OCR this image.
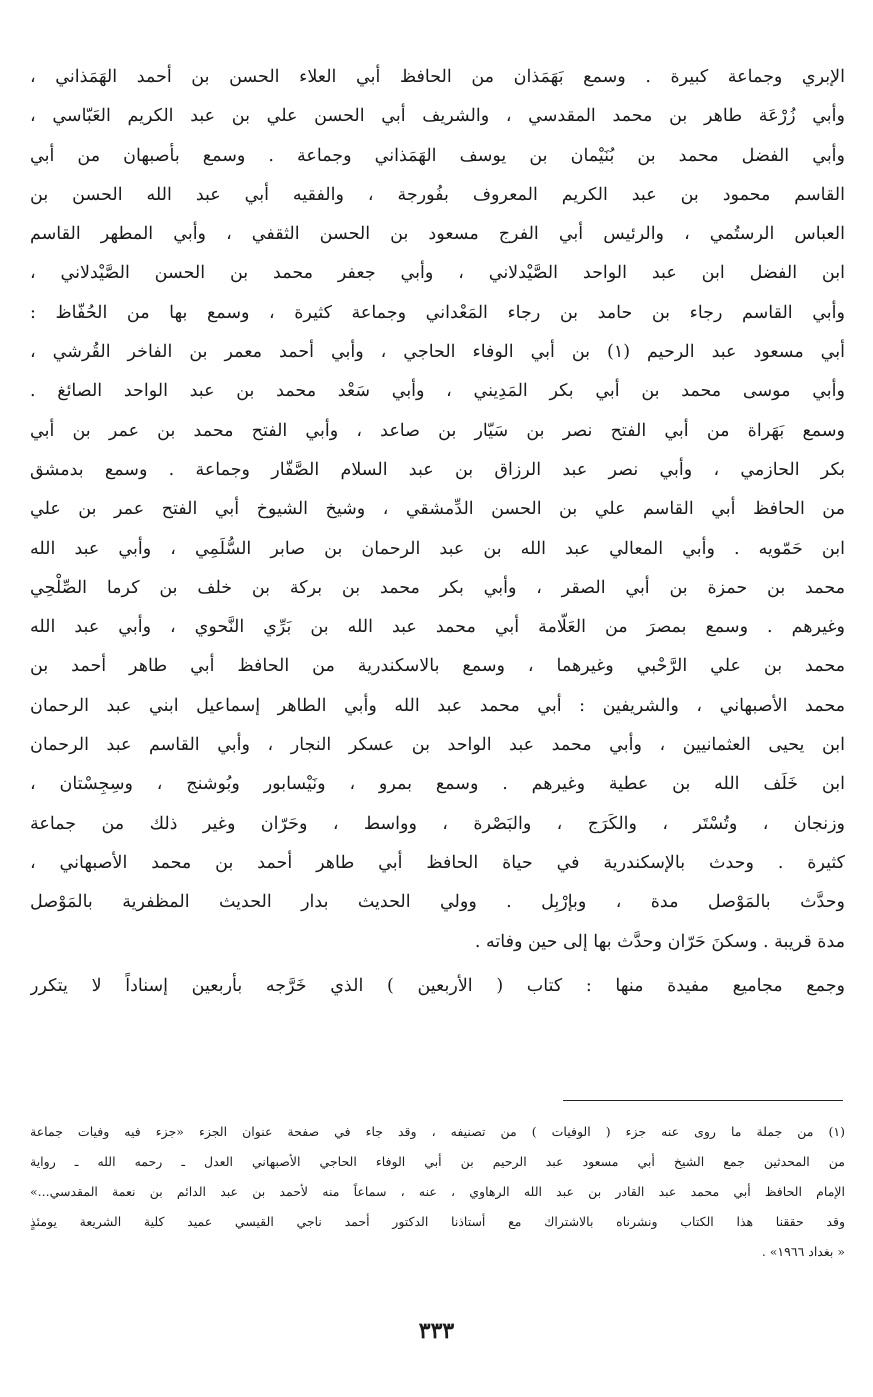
الإبري وجماعة كبيرة . وسمع بَهَمَذان من الحافظ أبي العلاء الحسن بن أحمد الهَمَذاني ،
وأبي زُرْعَة طاهر بن محمد المقدسي ، والشريف أبي الحسن علي بن عبد الكريم العَبّاسي ،
وأبي الفضل محمد بن بُنَيْمان بن يوسف الهَمَذاني وجماعة . وسمع بأصبهان من أبي
القاسم محمود بن عبد الكريم المعروف بفُورجة ، والفقيه أبي عبد الله الحسن بن
العباس الرستُمي ، والرئيس أبي الفرج مسعود بن الحسن الثقفي ، وأبي المطهر القاسم
ابن الفضل ابن عبد الواحد الصَّيْدلاني ، وأبي جعفر محمد بن الحسن الصَّيْدلاني ،
وأبي القاسم رجاء بن حامد بن رجاء المَعْداني وجماعة كثيرة ، وسمع بها من الحُفّاظ :
أبي مسعود عبد الرحيم (١) بن أبي الوفاء الحاجي ، وأبي أحمد معمر بن الفاخر القُرشي ،
وأبي موسى محمد بن أبي بكر المَدِيني ، وأبي سَعْد محمد بن عبد الواحد الصائغ .
وسمع بَهَراة من أبي الفتح نصر بن سَيّار بن صاعد ، وأبي الفتح محمد بن عمر بن أبي
بكر الحازمي ، وأبي نصر عبد الرزاق بن عبد السلام الصَّفّار وجماعة . وسمع بدمشق
من الحافظ أبي القاسم علي بن الحسن الدِّمشقي ، وشيخ الشيوخ أبي الفتح عمر بن علي
ابن حَمّويه . وأبي المعالي عبد الله بن عبد الرحمان بن صابر السُّلَمِي ، وأبي عبد الله
محمد بن حمزة بن أبي الصقر ، وأبي بكر محمد بن بركة بن خلف بن كرما الصِّلْحِي
وغيرهم . وسمع بمصرَ من العَلّامة أبي محمد عبد الله بن بَرِّي النَّحوي ، وأبي عبد الله
محمد بن علي الرَّحْبي وغيرهما ، وسمع بالاسكندرية من الحافظ أبي طاهر أحمد بن
محمد الأصبهاني ، والشريفين : أبي محمد عبد الله وأبي الطاهر إسماعيل ابني عبد الرحمان
ابن يحيى العثمانيين ، وأبي محمد عبد الواحد بن عسكر النجار ، وأبي القاسم عبد الرحمان
ابن خَلَف الله بن عطية وغيرهم . وسمع بمرو ، ونَيْسابور وبُوشنج ، وسِجِسْتان ،
وزنجان ، وتُسْتَر ، والكَرَج ، والبَصْرة ، وواسط ، وحَرّان وغير ذلك من جماعة
كثيرة . وحدث بالإسكندرية في حياة الحافظ أبي طاهر أحمد بن محمد الأصبهاني ،
وحدَّث بالمَوْصل مدة ، وبإرْبِل . وولي الحديث بدار الحديث المظفرية بالمَوْصل
مدة قريبة . وسكنَ حَرّان وحدَّث بها إلى حين وفاته .
وجمع مجاميع مفيدة منها : كتاب ( الأربعين ) الذي خَرَّجه بأربعين إسناداً لا يتكرر
(١) من جملة ما روى عنه جزء ( الوفيات ) من تصنيفه ، وقد جاء في صفحة عنوان الجزء «جزء فيه وفيات جماعة
من المحدثين جمع الشيخ أبي مسعود عبد الرحيم بن أبي الوفاء الحاجي الأصبهاني العدل ـ رحمه الله ـ رواية
الإمام الحافظ أبي محمد عبد القادر بن عبد الله الرهاوي ، عنه ، سماعاً منه لأحمد بن عبد الدائم بن نعمة المقدسي...»
وقد حققنا هذا الكتاب ونشرناه بالاشتراك مع أستاذنا الدكتور أحمد ناجي القيسي عميد كلية الشريعة يومئذٍ
« بغداد ١٩٦٦» .
٣٣٣
